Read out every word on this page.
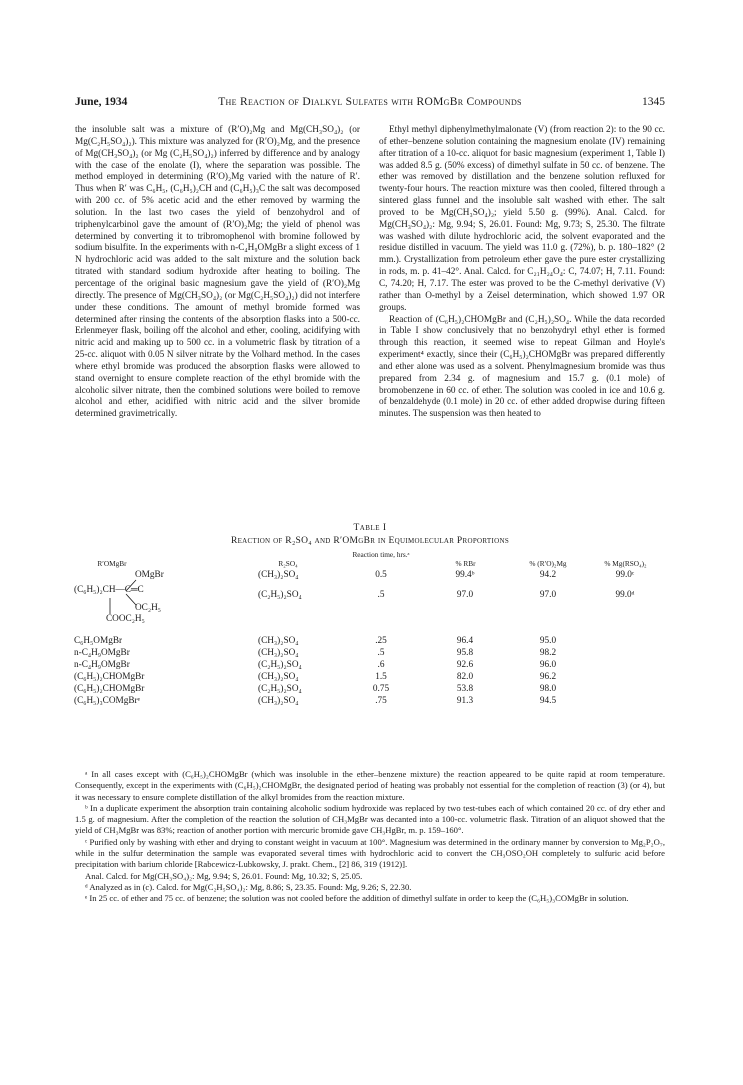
June, 1934	The Reaction of Dialkyl Sulfates with ROMgBr Compounds	1345

the insoluble salt was a mixture of (R′O)₂Mg and Mg(CH₃SO₄)₂ (or Mg(C₂H₅SO₄)₂). This mixture was analyzed for (R′O)₂Mg, and the presence of Mg(CH₃SO₄)₂ (or Mg (C₂H₅SO₄)₂) inferred by difference and by analogy with the case of the enolate (I), where the separation was possible. The method employed in determining (R′O)₂Mg varied with the nature of R′. Thus when R′ was C₆H₅, (C₆H₅)₂CH and (C₆H₅)₃C the salt was decomposed with 200 cc. of 5% acetic acid and the ether removed by warming the solution. In the last two cases the yield of benzohydrol and of triphenylcarbinol gave the amount of (R′O)₂Mg; the yield of phenol was determined by converting it to tribromophenol with bromine followed by sodium bisulfite. In the experiments with n-C₄H₉OMgBr a slight excess of 1 N hydrochloric acid was added to the salt mixture and the solution back titrated with standard sodium hydroxide after heating to boiling. The percentage of the original basic magnesium gave the yield of (R′O)₂Mg directly. The presence of Mg(CH₃SO₄)₂ (or Mg(C₂H₅SO₄)₂) did not interfere under these conditions. The amount of methyl bromide formed was determined after rinsing the contents of the absorption flasks into a 500-cc. Erlenmeyer flask, boiling off the alcohol and ether, cooling, acidifying with nitric acid and making up to 500 cc. in a volumetric flask by titration of a 25-cc. aliquot with 0.05 N silver nitrate by the Volhard method. In the cases where ethyl bromide was produced the absorption flasks were allowed to stand overnight to ensure complete reaction of the ethyl bromide with the alcoholic silver nitrate, then the combined solutions were boiled to remove alcohol and ether, acidified with nitric acid and the silver bromide determined gravimetrically.

Ethyl methyl diphenylmethylmalonate (V) (from reaction 2): to the 90 cc. of ether–benzene solution containing the magnesium enolate (IV) remaining after titration of a 10-cc. aliquot for basic magnesium (experiment 1, Table I) was added 8.5 g. (50% excess) of dimethyl sulfate in 50 cc. of benzene. The ether was removed by distillation and the benzene solution refluxed for twenty-four hours. The reaction mixture was then cooled, filtered through a sintered glass funnel and the insoluble salt washed with ether. The salt proved to be Mg(CH₃SO₄)₂; yield 5.50 g. (99%). Anal. Calcd. for Mg(CH₃SO₄)₂: Mg, 9.94; S, 26.01. Found: Mg, 9.73; S, 25.30. The filtrate was washed with dilute hydrochloric acid, the solvent evaporated and the residue distilled in vacuum. The yield was 11.0 g. (72%), b. p. 180–182° (2 mm.). Crystallization from petroleum ether gave the pure ester crystallizing in rods, m. p. 41–42°. Anal. Calcd. for C₂₁H₂₄O₄: C, 74.07; H, 7.11. Found: C, 74.20; H, 7.17. The ester was proved to be the C-methyl derivative (V) rather than O-methyl by a Zeisel determination, which showed 1.97 OR groups.

Reaction of (C₆H₅)₂CHOMgBr and (C₂H₅)₂SO₄. While the data recorded in Table I show conclusively that no benzohydryl ethyl ether is formed through this reaction, it seemed wise to repeat Gilman and Hoyle's experiment⁴ exactly, since their (C₆H₅)₂CHOMgBr was prepared differently and ether alone was used as a solvent. Phenylmagnesium bromide was thus prepared from 2.34 g. of magnesium and 15.7 g. (0.1 mole) of bromobenzene in 60 cc. of ether. The solution was cooled in ice and 10.6 g. of benzaldehyde (0.1 mole) in 20 cc. of ether added dropwise during fifteen minutes. The suspension was then heated to

Table I
Reaction of R₂SO₄ and R′OMgBr in Equimolecular Proportions
R′OMgBr	R₂SO₄
Reaction time, hrs.ᵃ
% RBr	% (R′O)₂Mg	% Mg(RSO₄)₂
OMgBr
(C₆H₅)₂CH—C═C
OC₂H₅
COOC₂H₅
(CH₃)₂SO₄	0.5	99.4ᵇ	94.2	99.0ᶜ
(C₂H₅)₂SO₄	.5	97.0	97.0	99.0ᵈ
C₆H₅OMgBr	(CH₃)₂SO₄	.25	96.4	95.0
n-C₄H₉OMgBr	(CH₃)₂SO₄	.5	95.8	98.2
n-C₄H₉OMgBr	(C₂H₅)₂SO₄	.6	92.6	96.0
(C₆H₅)₂CHOMgBr	(CH₃)₂SO₄	1.5	82.0	96.2
(C₆H₅)₂CHOMgBr	(C₂H₅)₂SO₄	0.75	53.8	98.0
(C₆H₅)₃COMgBrᵉ	(CH₃)₂SO₄	.75	91.3	94.5

ᵃ In all cases except with (C₆H₅)₂CHOMgBr (which was insoluble in the ether–benzene mixture) the reaction appeared to be quite rapid at room temperature. Consequently, except in the experiments with (C₆H₅)₂CHOMgBr, the designated period of heating was probably not essential for the completion of reaction (3) (or 4), but it was necessary to ensure complete distillation of the alkyl bromides from the reaction mixture.

ᵇ In a duplicate experiment the absorption train containing alcoholic sodium hydroxide was replaced by two test-tubes each of which contained 20 cc. of dry ether and 1.5 g. of magnesium. After the completion of the reaction the solution of CH₃MgBr was decanted into a 100-cc. volumetric flask. Titration of an aliquot showed that the yield of CH₃MgBr was 83%; reaction of another portion with mercuric bromide gave CH₃HgBr, m. p. 159–160°.

ᶜ Purified only by washing with ether and drying to constant weight in vacuum at 100°. Magnesium was determined in the ordinary manner by conversion to Mg₂P₂O₇, while in the sulfur determination the sample was evaporated several times with hydrochloric acid to convert the CH₃OSO₂OH completely to sulfuric acid before precipitation with barium chloride [Rabcewicz-Lubkowsky, J. prakt. Chem., [2] 86, 319 (1912)].

Anal. Calcd. for Mg(CH₃SO₄)₂: Mg, 9.94; S, 26.01. Found: Mg, 10.32; S, 25.05.

ᵈ Analyzed as in (c). Calcd. for Mg(C₂H₅SO₄)₂: Mg, 8.86; S, 23.35. Found: Mg, 9.26; S, 22.30.

ᵉ In 25 cc. of ether and 75 cc. of benzene; the solution was not cooled before the addition of dimethyl sulfate in order to keep the (C₆H₅)₃COMgBr in solution.
